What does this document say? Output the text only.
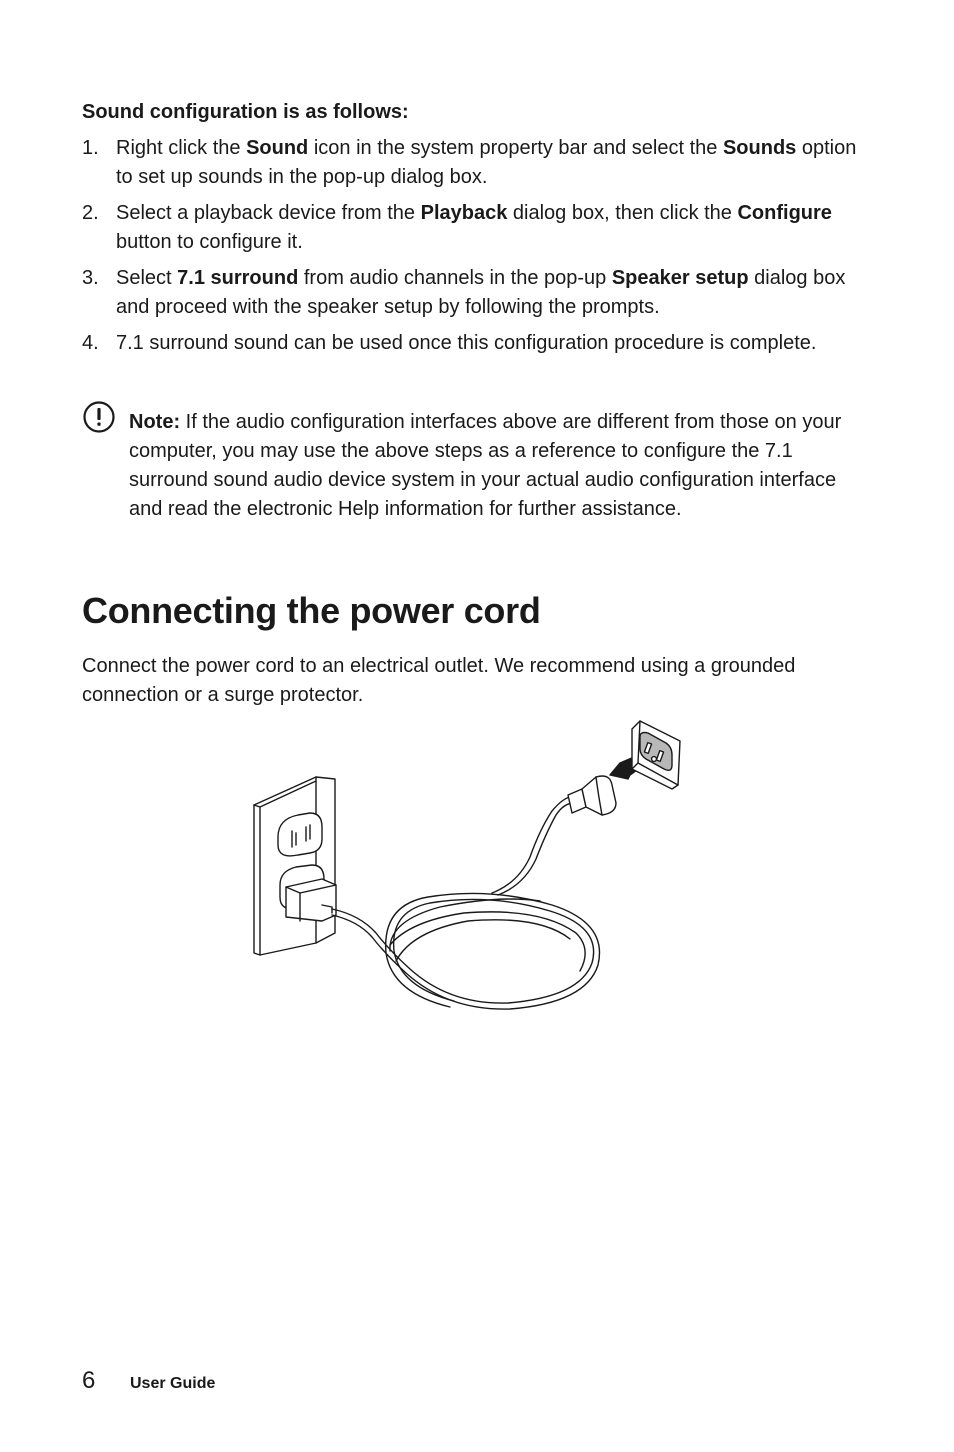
Sound configuration is as follows:
1. Right click the Sound icon in the system property bar and select the Sounds option to set up sounds in the pop-up dialog box.
2. Select a playback device from the Playback dialog box, then click the Configure button to configure it.
3. Select 7.1 surround from audio channels in the pop-up Speaker setup dialog box and proceed with the speaker setup by following the prompts.
4. 7.1 surround sound can be used once this configuration procedure is complete.
Note: If the audio configuration interfaces above are different from those on your computer, you may use the above steps as a reference to configure the 7.1 surround sound audio device system in your actual audio configuration interface and read the electronic Help information for further assistance.
Connecting the power cord
Connect the power cord to an electrical outlet. We recommend using a grounded connection or a surge protector.
6 User Guide
